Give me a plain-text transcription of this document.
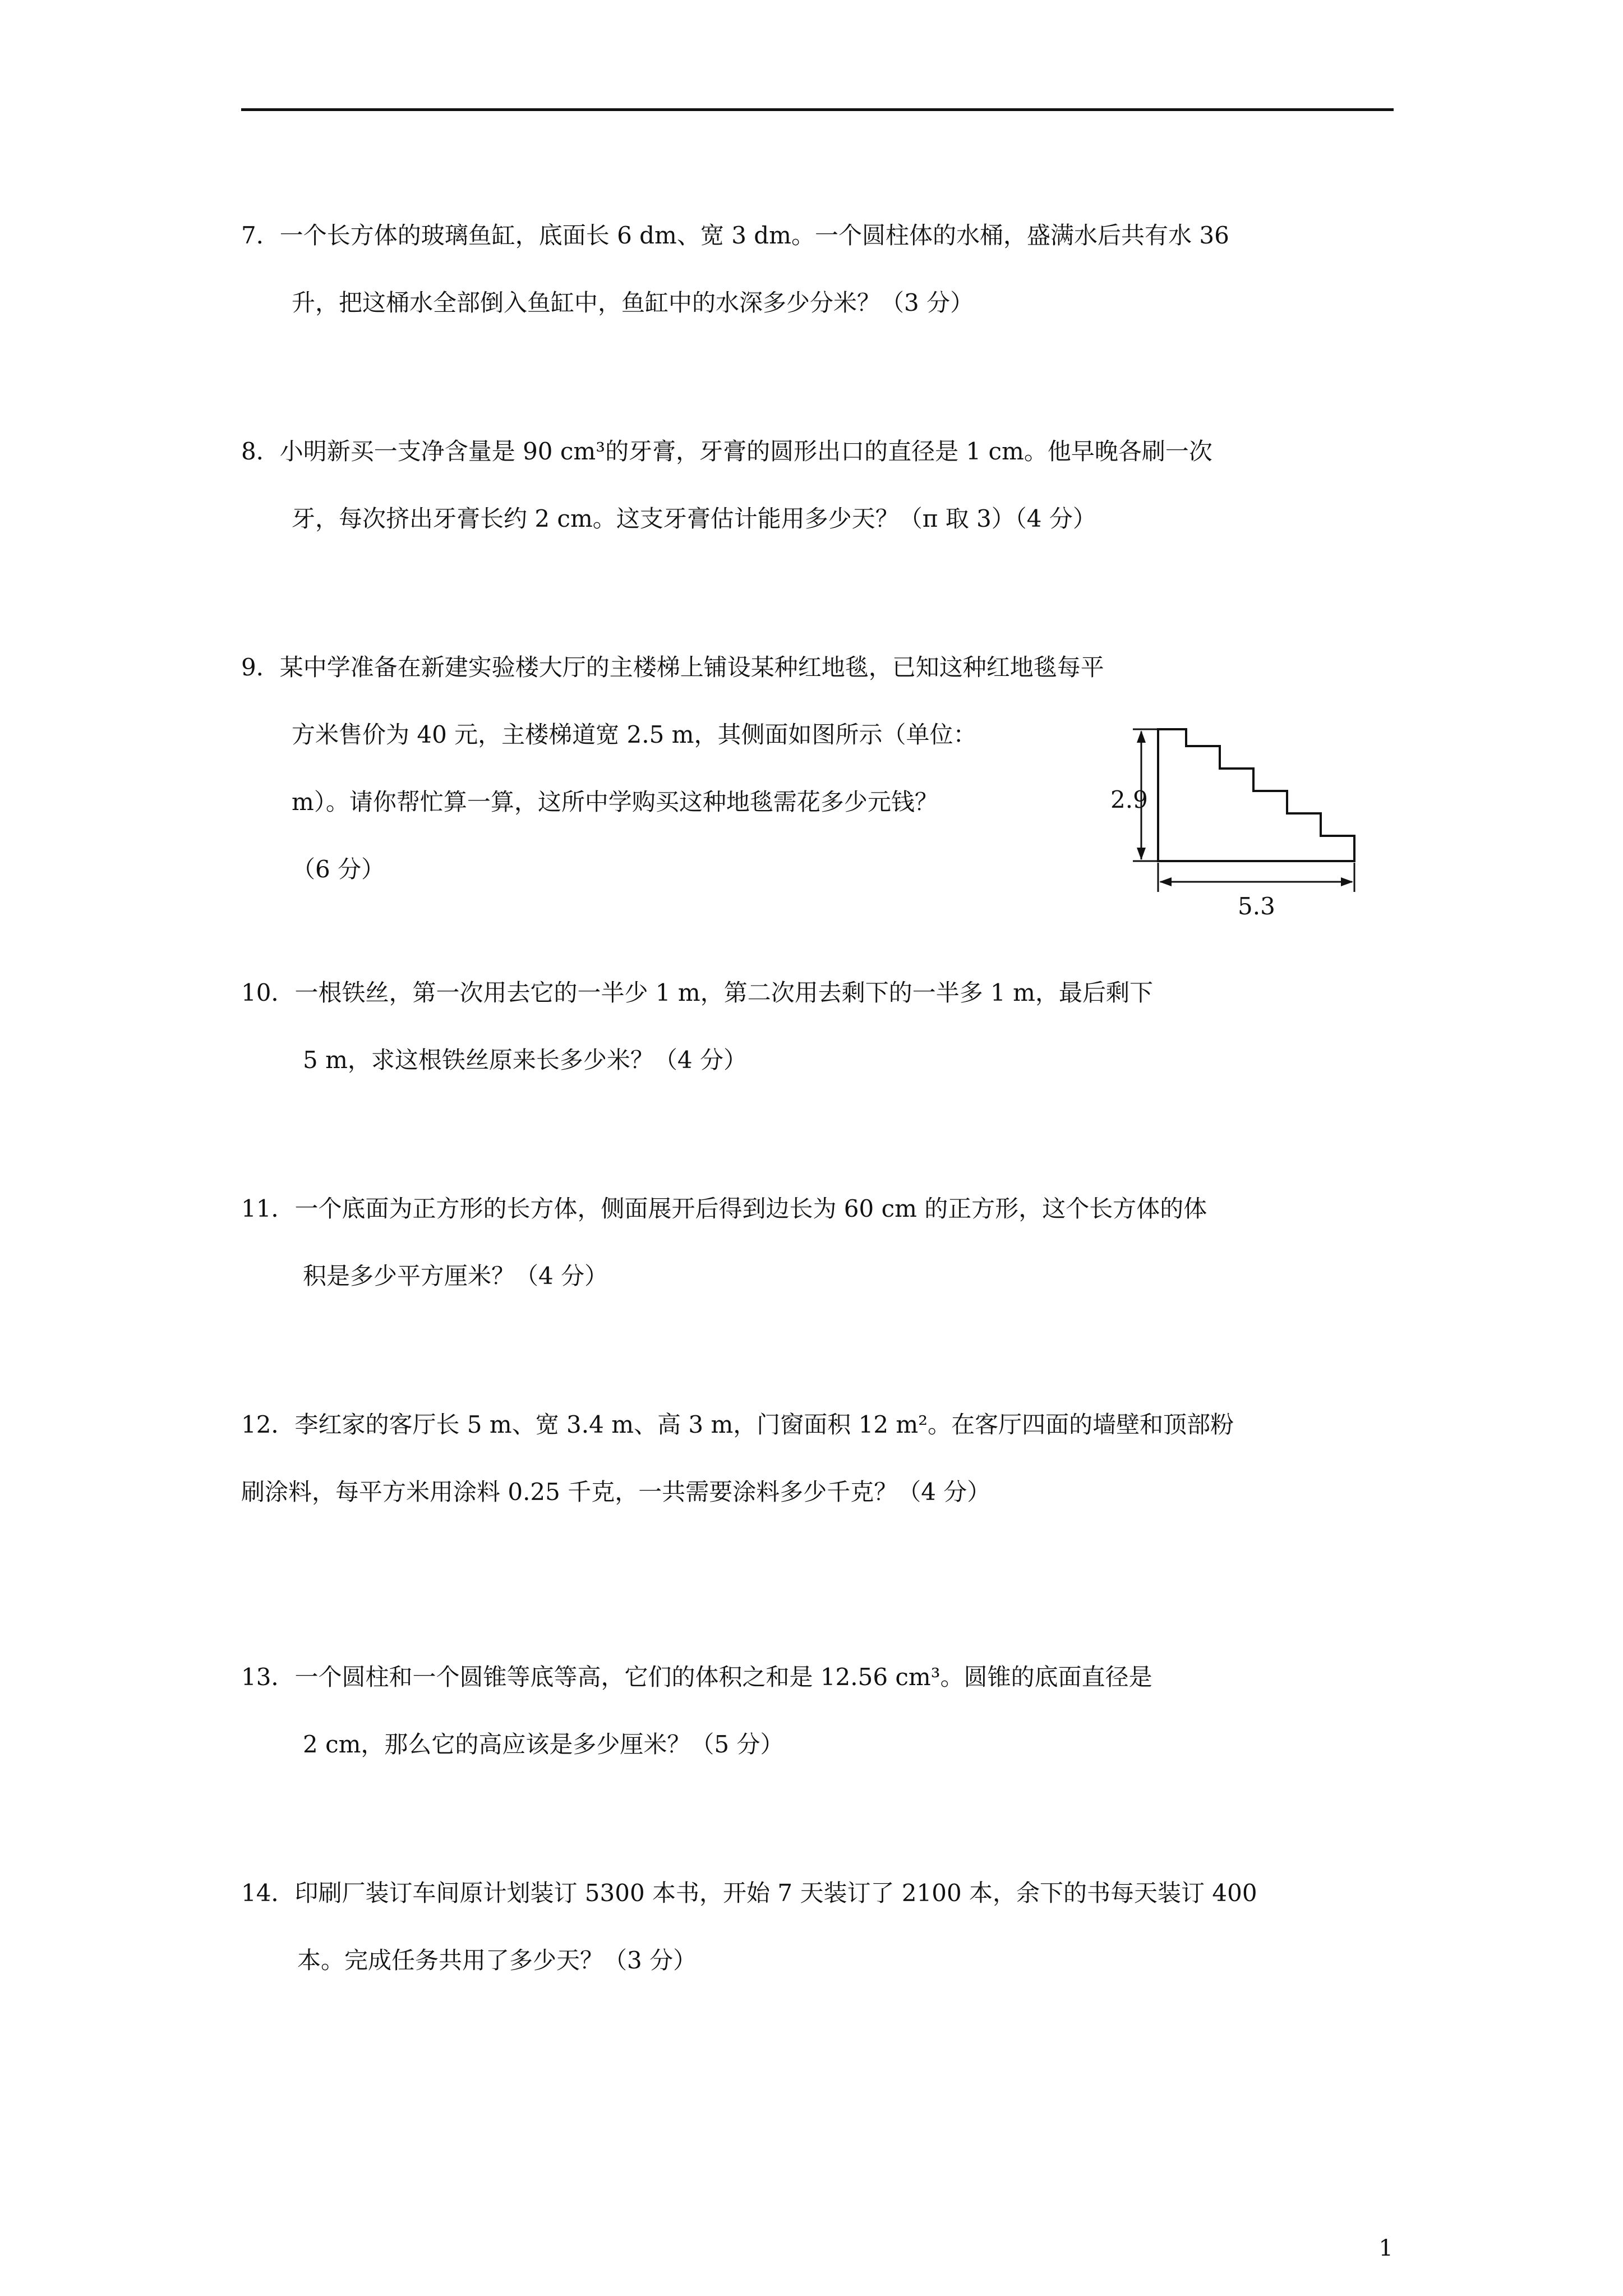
7．一个长方体的玻璃鱼缸，底面长 6 dm、宽 3 dm。一个圆柱体的水桶，盛满水后共有水 36
升，把这桶水全部倒入鱼缸中，鱼缸中的水深多少分米？（3 分）
8．小明新买一支净含量是 90 cm³的牙膏，牙膏的圆形出口的直径是 1 cm。他早晚各刷一次
牙，每次挤出牙膏长约 2 cm。这支牙膏估计能用多少天？（π 取 3）（4 分）
9．某中学准备在新建实验楼大厅的主楼梯上铺设某种红地毯，已知这种红地毯每平
方米售价为 40 元，主楼梯道宽 2.5 m，其侧面如图所示（单位：
m）。请你帮忙算一算，这所中学购买这种地毯需花多少元钱？
（6 分）
2.9
5.3
10．一根铁丝，第一次用去它的一半少 1 m，第二次用去剩下的一半多 1 m，最后剩下
5 m，求这根铁丝原来长多少米？（4 分）
11．一个底面为正方形的长方体，侧面展开后得到边长为 60 cm 的正方形，这个长方体的体
积是多少平方厘米？（4 分）
12．李红家的客厅长 5 m、宽 3.4 m、高 3 m，门窗面积 12 m²。在客厅四面的墙壁和顶部粉
刷涂料，每平方米用涂料 0.25 千克，一共需要涂料多少千克？（4 分）
13．一个圆柱和一个圆锥等底等高，它们的体积之和是 12.56 cm³。圆锥的底面直径是
2 cm，那么它的高应该是多少厘米？（5 分）
14．印刷厂装订车间原计划装订 5300 本书，开始 7 天装订了 2100 本，余下的书每天装订 400
本。完成任务共用了多少天？（3 分）
1
